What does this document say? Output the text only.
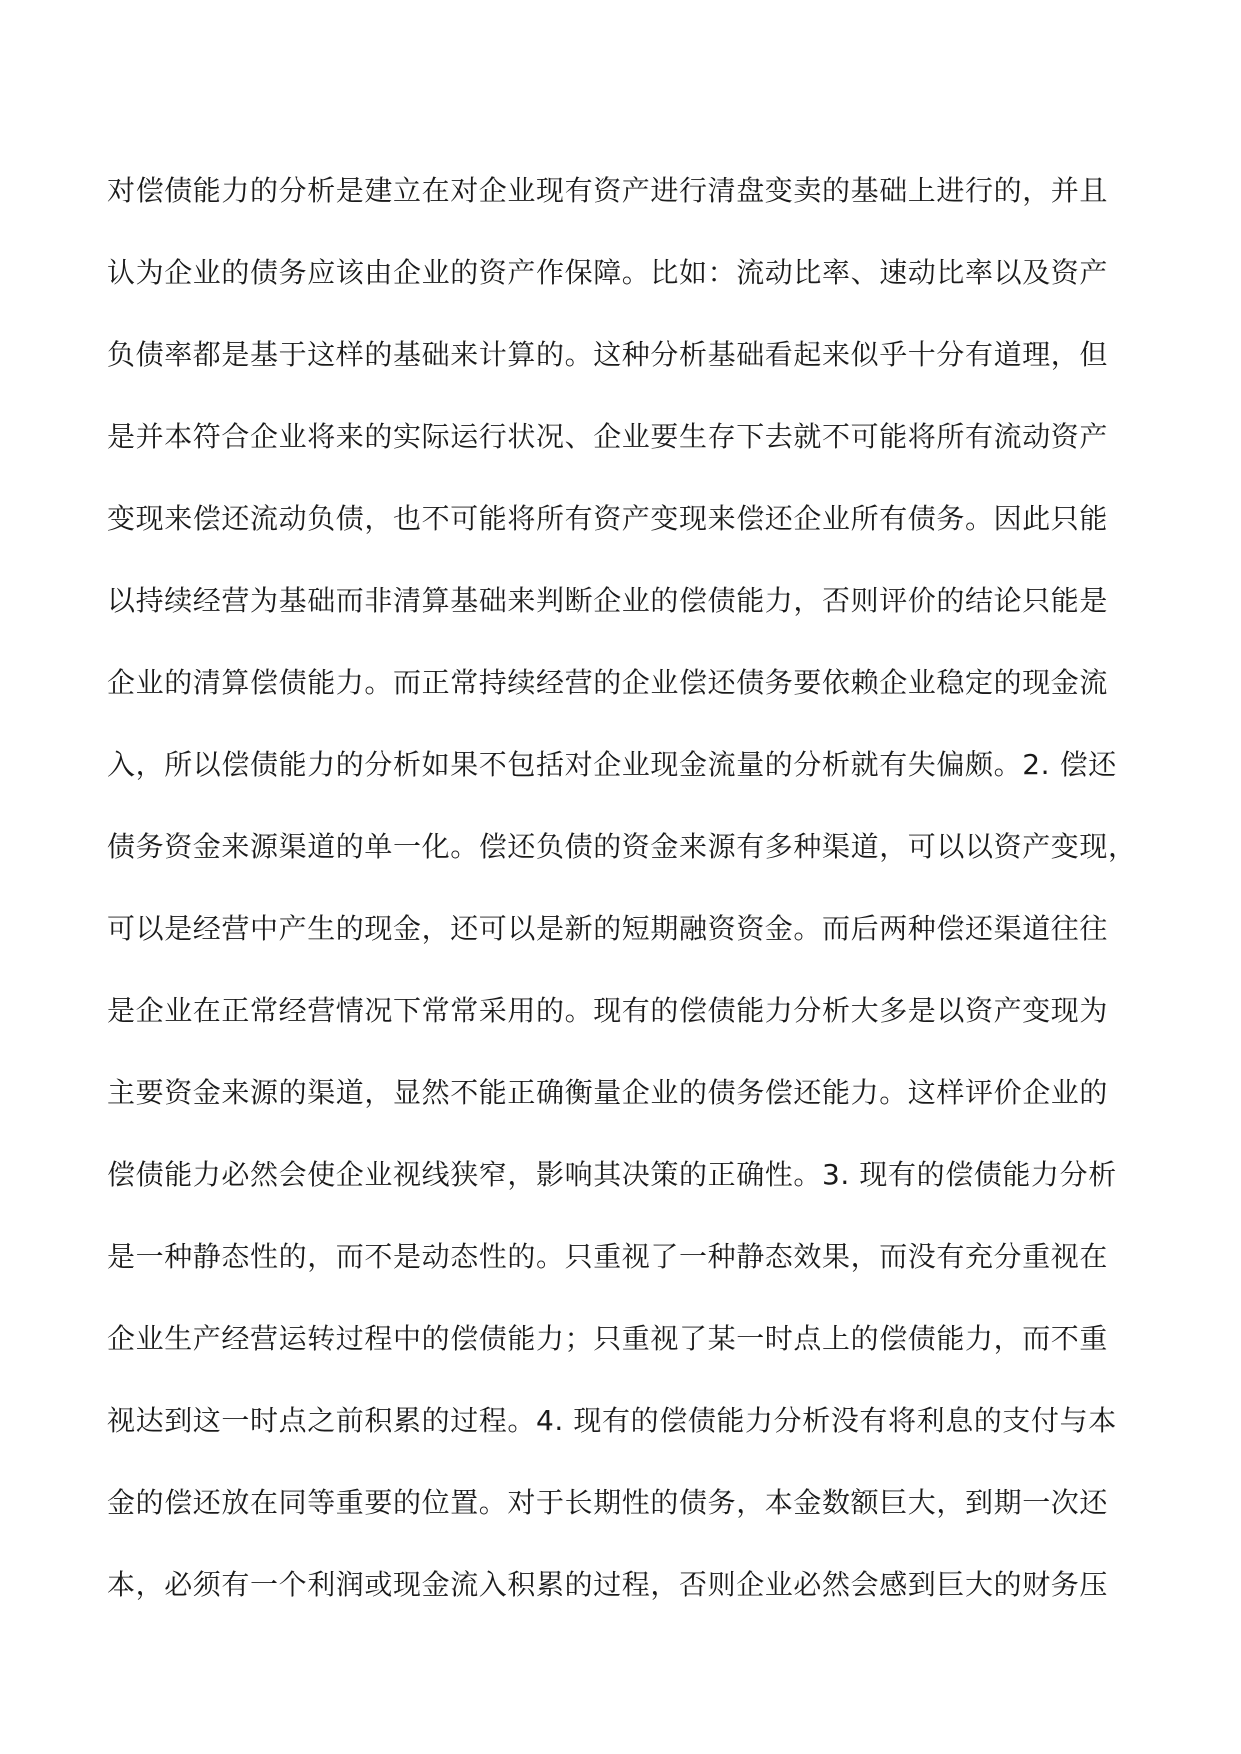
对偿债能力的分析是建立在对企业现有资产进行清盘变卖的基础上进行的，并且
认为企业的债务应该由企业的资产作保障。比如：流动比率、速动比率以及资产
负债率都是基于这样的基础来计算的。这种分析基础看起来似乎十分有道理，但
是并本符合企业将来的实际运行状况、企业要生存下去就不可能将所有流动资产
变现来偿还流动负债，也不可能将所有资产变现来偿还企业所有债务。因此只能
以持续经营为基础而非清算基础来判断企业的偿债能力，否则评价的结论只能是
企业的清算偿债能力。而正常持续经营的企业偿还债务要依赖企业稳定的现金流
入，所以偿债能力的分析如果不包括对企业现金流量的分析就有失偏颇。2. 偿还
债务资金来源渠道的单一化。偿还负债的资金来源有多种渠道，可以以资产变现，
可以是经营中产生的现金，还可以是新的短期融资资金。而后两种偿还渠道往往
是企业在正常经营情况下常常采用的。现有的偿债能力分析大多是以资产变现为
主要资金来源的渠道，显然不能正确衡量企业的债务偿还能力。这样评价企业的
偿债能力必然会使企业视线狭窄，影响其决策的正确性。3. 现有的偿债能力分析
是一种静态性的，而不是动态性的。只重视了一种静态效果，而没有充分重视在
企业生产经营运转过程中的偿债能力；只重视了某一时点上的偿债能力，而不重
视达到这一时点之前积累的过程。4. 现有的偿债能力分析没有将利息的支付与本
金的偿还放在同等重要的位置。对于长期性的债务，本金数额巨大，到期一次还
本，必须有一个利润或现金流入积累的过程，否则企业必然会感到巨大的财务压
